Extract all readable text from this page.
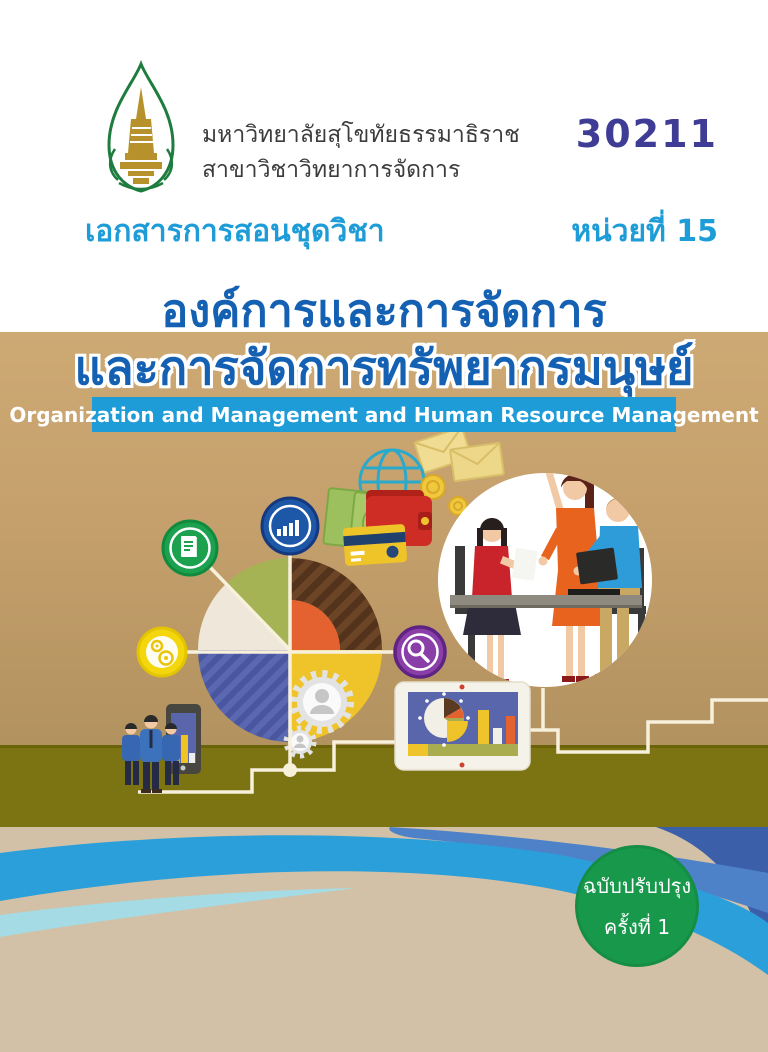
มหาวิทยาลัยสุโขทัยธรรมาธิราช
สาขาวิชาวิทยาการจัดการ
30211
เอกสารการสอนชุดวิชา	หน่วยที่ 15
องค์การและการจัดการ
และการจัดการทรัพยากรมนุษย์
Organization and Management and Human Resource Management
ฉบับปรับปรุง
ครั้งที่ 1
